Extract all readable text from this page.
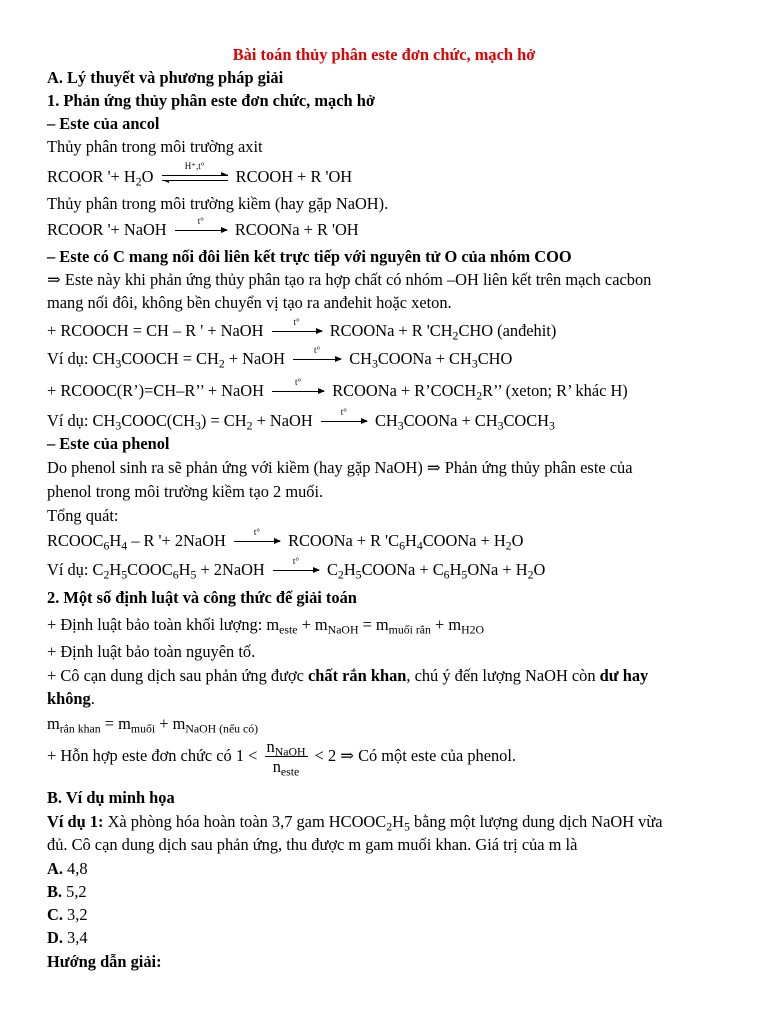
Bài toán thủy phân este đơn chức, mạch hở
A. Lý thuyết và phương pháp giải
1. Phản ứng thủy phân este đơn chức, mạch hở
– Este của ancol
Thủy phân trong môi trường axit
RCOOR '+ $H_2O$
H⁺,t°
RCOOH + R 'OH
Thủy phân trong môi trường kiềm (hay gặp NaOH).
RCOOR '+ NaOH	t°	RCOONa + R 'OH
– Este có C mang nối đôi liên kết trực tiếp với nguyên tử O của nhóm COO
⇒ Este này khi phản ứng thủy phân tạo ra hợp chất có nhóm –OH liên kết trên mạch cacbon
mang nối đôi, không bền chuyển vị tạo ra anđehit hoặc xeton.
+ RCOOCH = CH – R ' + NaOH	t°	RCOONa + R '$CH_2CHO$ (anđehit)
Ví dụ: $CH_3COOCH = CH_2$ + NaOH	t°	$CH_3COONa + CH_3CHO$
+ RCOOC(R’)=CH–R’’ + NaOH	t°	RCOONa + $R’COCH_2R$’’ (xeton; R’ khác H)
Ví dụ: $CH_3COOC(CH_3) = CH_2$ + NaOH	t°	$CH_3COONa$ + $CH_3COCH_3$
– Este của phenol
Do phenol sinh ra sẽ phản ứng với kiềm (hay gặp NaOH) ⇒ Phản ứng thủy phân este của
phenol trong môi trường kiềm tạo 2 muối.
Tổng quát:
$RCOOC_6H_4$ – R '+ 2NaOH	t°	RCOONa + R '$C_6H_4COONa + H_2O$
Ví dụ: $C_2H_5COOC_6H_5$ + 2NaOH	t°	$C_2H_5COONa + C_6H_5ONa + H_2O$
2. Một số định luật và công thức để giải toán
+ Định luật bảo toàn khối lượng: $m_{este} + m_{NaOH} = m_{muối rắn} + m_{H2O}$
+ Định luật bảo toàn nguyên tố.
+ Cô cạn dung dịch sau phản ứng được chất rắn khan, chú ý đến lượng NaOH còn dư hay
không.
$m_{rắn khan} = m_{muối} + m_{NaOH (nếu có)}$
+ Hỗn hợp este đơn chức có $1 < \frac{n_{NaOH}}{n_{este}} < 2$ ⇒ Có một este của phenol.
B. Ví dụ minh họa
Ví dụ 1: Xà phòng hóa hoàn toàn 3,7 gam $HCOOC_2H_5$ bằng một lượng dung dịch NaOH vừa
đủ. Cô cạn dung dịch sau phản ứng, thu được m gam muối khan. Giá trị của m là
A. 4,8
B. 5,2
C. 3,2
D. 3,4
Hướng dẫn giải:
